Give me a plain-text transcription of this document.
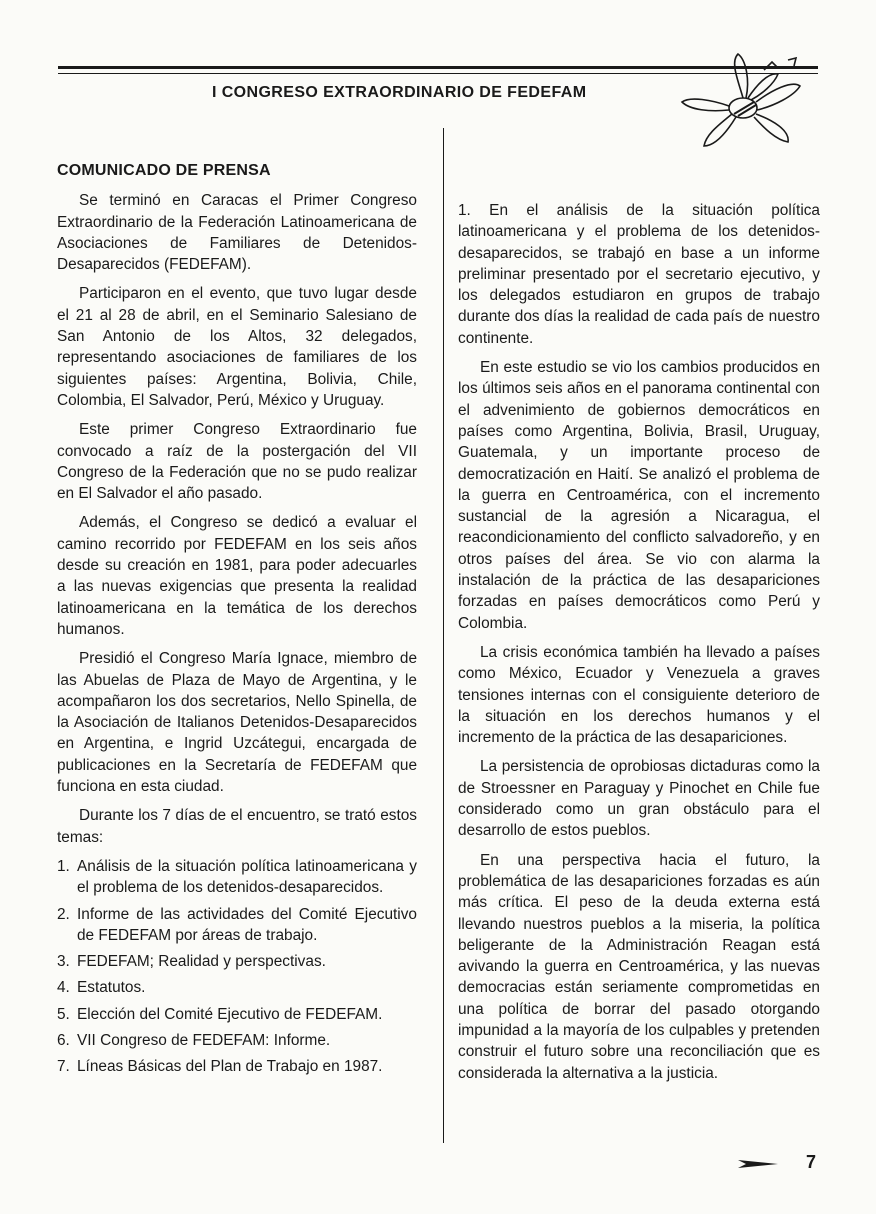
I CONGRESO EXTRAORDINARIO DE FEDEFAM
COMUNICADO DE PRENSA

Se terminó en Caracas el Primer Congreso Extraordinario de la Federación Latinoamericana de Asociaciones de Familiares de Detenidos-Desaparecidos (FEDEFAM).

Participaron en el evento, que tuvo lugar desde el 21 al 28 de abril, en el Seminario Salesiano de San Antonio de los Altos, 32 delegados, representando asociaciones de familiares de los siguientes países: Argentina, Bolivia, Chile, Colombia, El Salvador, Perú, México y Uruguay.

Este primer Congreso Extraordinario fue convocado a raíz de la postergación del VII Congreso de la Federación que no se pudo realizar en El Salvador el año pasado.

Además, el Congreso se dedicó a evaluar el camino recorrido por FEDEFAM en los seis años desde su creación en 1981, para poder adecuarles a las nuevas exigencias que presenta la realidad latinoamericana en la temática de los derechos humanos.

Presidió el Congreso María Ignace, miembro de las Abuelas de Plaza de Mayo de Argentina, y le acompañaron los dos secretarios, Nello Spinella, de la Asociación de Italianos Detenidos-Desaparecidos en Argentina, e Ingrid Uzcátegui, encargada de publicaciones en la Secretaría de FEDEFAM que funciona en esta ciudad.

Durante los 7 días de el encuentro, se trató estos temas:

1. Análisis de la situación política latinoamericana y el problema de los detenidos-desaparecidos.
2. Informe de las actividades del Comité Ejecutivo de FEDEFAM por áreas de trabajo.
3. FEDEFAM; Realidad y perspectivas.
4. Estatutos.
5. Elección del Comité Ejecutivo de FEDEFAM.
6. VII Congreso de FEDEFAM: Informe.
7. Líneas Básicas del Plan de Trabajo en 1987.

1. En el análisis de la situación política latinoamericana y el problema de los detenidos-desaparecidos, se trabajó en base a un informe preliminar presentado por el secretario ejecutivo, y los delegados estudiaron en grupos de trabajo durante dos días la realidad de cada país de nuestro continente.

En este estudio se vio los cambios producidos en los últimos seis años en el panorama continental con el advenimiento de gobiernos democráticos en países como Argentina, Bolivia, Brasil, Uruguay, Guatemala, y un importante proceso de democratización en Haití. Se analizó el problema de la guerra en Centroamérica, con el incremento sustancial de la agresión a Nicaragua, el reacondicionamiento del conflicto salvadoreño, y en otros países del área. Se vio con alarma la instalación de la práctica de las desapariciones forzadas en países democráticos como Perú y Colombia.

La crisis económica también ha llevado a países como México, Ecuador y Venezuela a graves tensiones internas con el consiguiente deterioro de la situación en los derechos humanos y el incremento de la práctica de las desapariciones.

La persistencia de oprobiosas dictaduras como la de Stroessner en Paraguay y Pinochet en Chile fue considerado como un gran obstáculo para el desarrollo de estos pueblos.

En una perspectiva hacia el futuro, la problemática de las desapariciones forzadas es aún más crítica. El peso de la deuda externa está llevando nuestros pueblos a la miseria, la política beligerante de la Administración Reagan está avivando la guerra en Centroamérica, y las nuevas democracias están seriamente comprometidas en una política de borrar del pasado otorgando impunidad a la mayoría de los culpables y pretenden construir el futuro sobre una reconciliación que es considerada la alternativa a la justicia.

7
